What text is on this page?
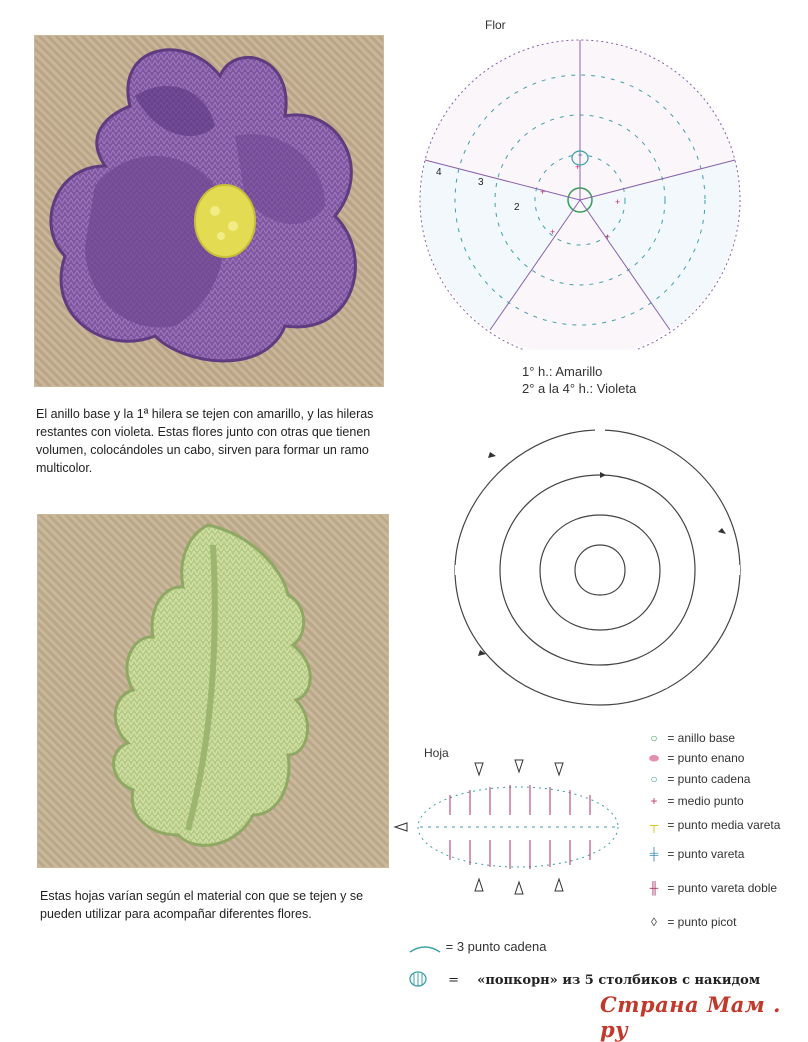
El anillo base y la 1ª hilera se tejen con amarillo, y las hileras restantes con violeta. Estas flores junto con otras que tienen volumen, colocándoles un cabo, sirven para formar un ramo multicolor.
Estas hojas varían según el material con que se tejen y se pueden utilizar para acompañar diferentes flores.
Flor
+
+
+
+
+
2
3
4
1° h.: Amarillo
2° a la 4° h.: Violeta
Hoja
○ = anillo base
⬬ = punto enano
○ = punto cadena
+ = medio punto
┬ = punto media vareta
╪ = punto vareta
╫ = punto vareta doble
◊ = punto picot
= 3 punto cadena
= «попкорн» из 5 столбиков с накидом
Страна Мам . ру
